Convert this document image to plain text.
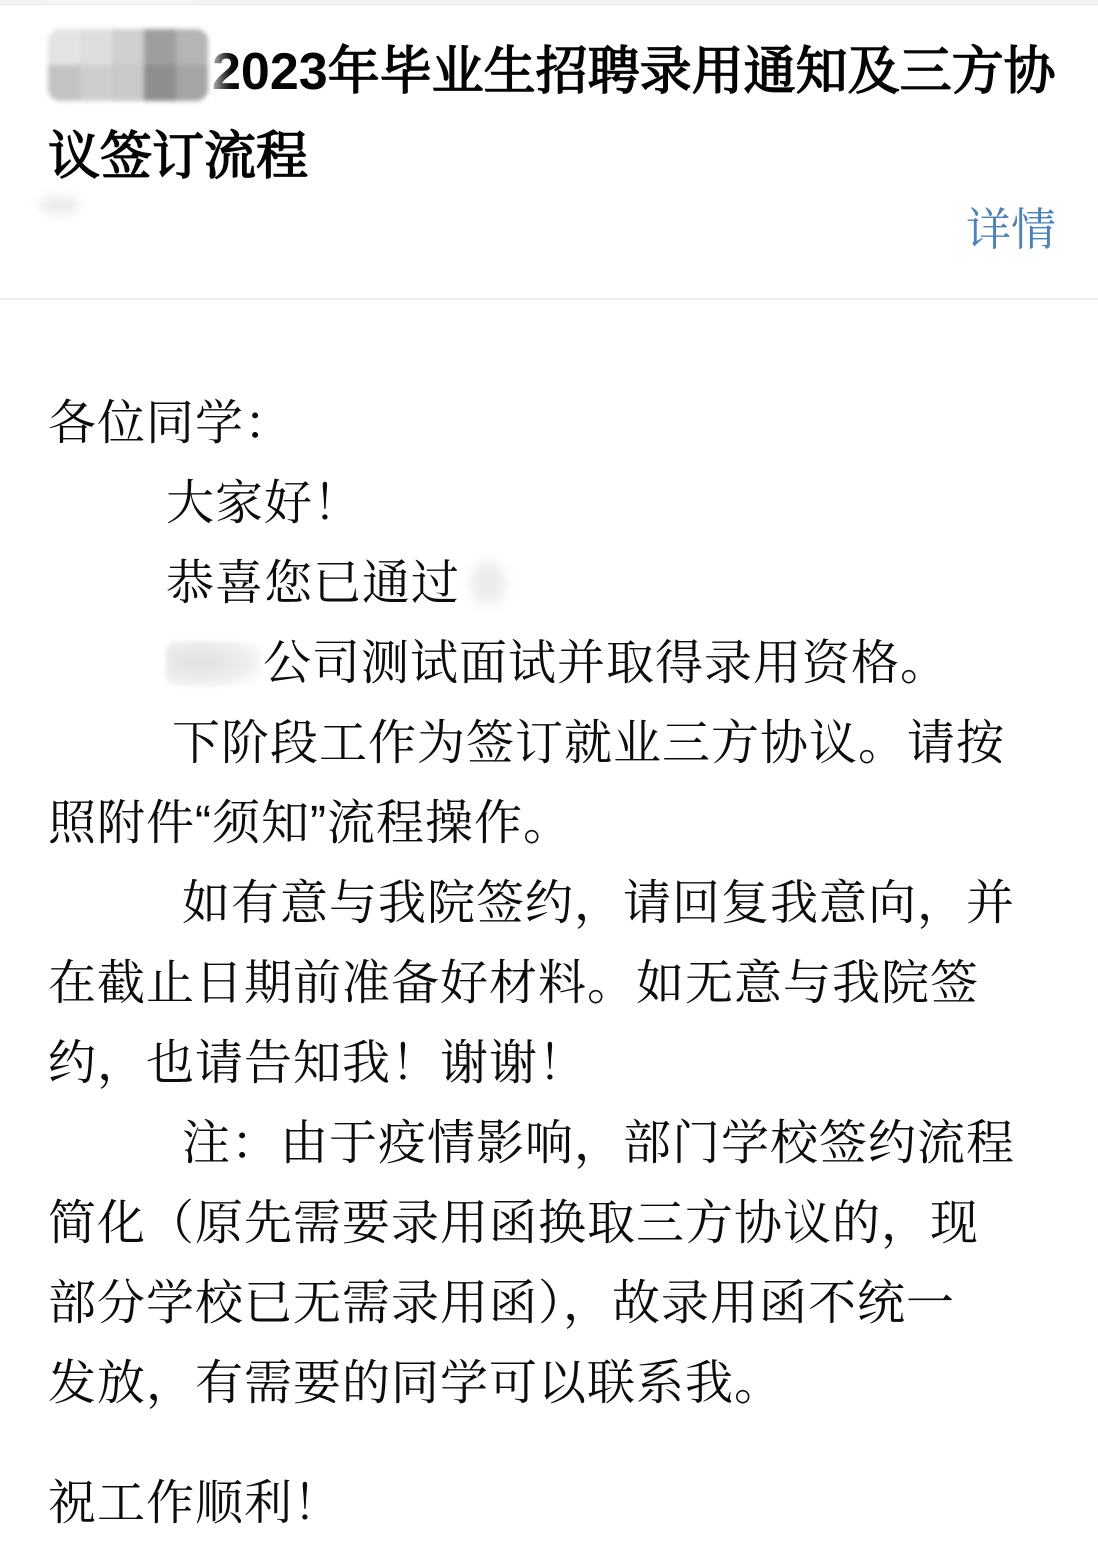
2023年毕业生招聘录用通知及三方协议签订流程
详情
各位同学：
大家好！
恭喜您已通过
公司测试面试并取得录用资格。
下阶段工作为签订就业三方协议。请按
照附件“须知”流程操作。
如有意与我院签约，请回复我意向，并
在截止日期前准备好材料。如无意与我院签
约，也请告知我！谢谢！
注：由于疫情影响，部门学校签约流程
简化（原先需要录用函换取三方协议的，现
部分学校已无需录用函），故录用函不统一
发放，有需要的同学可以联系我。
祝工作顺利！
